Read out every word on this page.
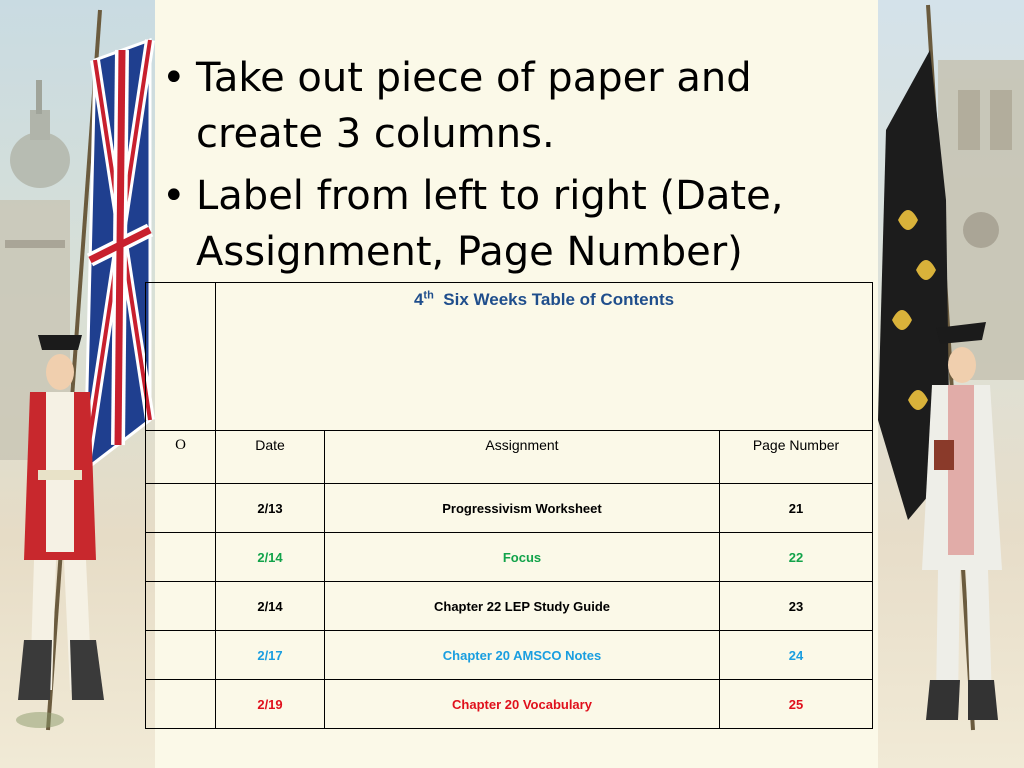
• Take out piece of paper and create 3 columns.
• Label from left to right (Date, Assignment, Page Number)
	4th Six Weeks Table of Contents		
O	Date	Assignment	Page Number
	2/13	Progressivism Worksheet	21
	2/14	Focus	22
	2/14	Chapter 22 LEP Study Guide	23
	2/17	Chapter 20 AMSCO Notes	24
	2/19	Chapter 20 Vocabulary	25
